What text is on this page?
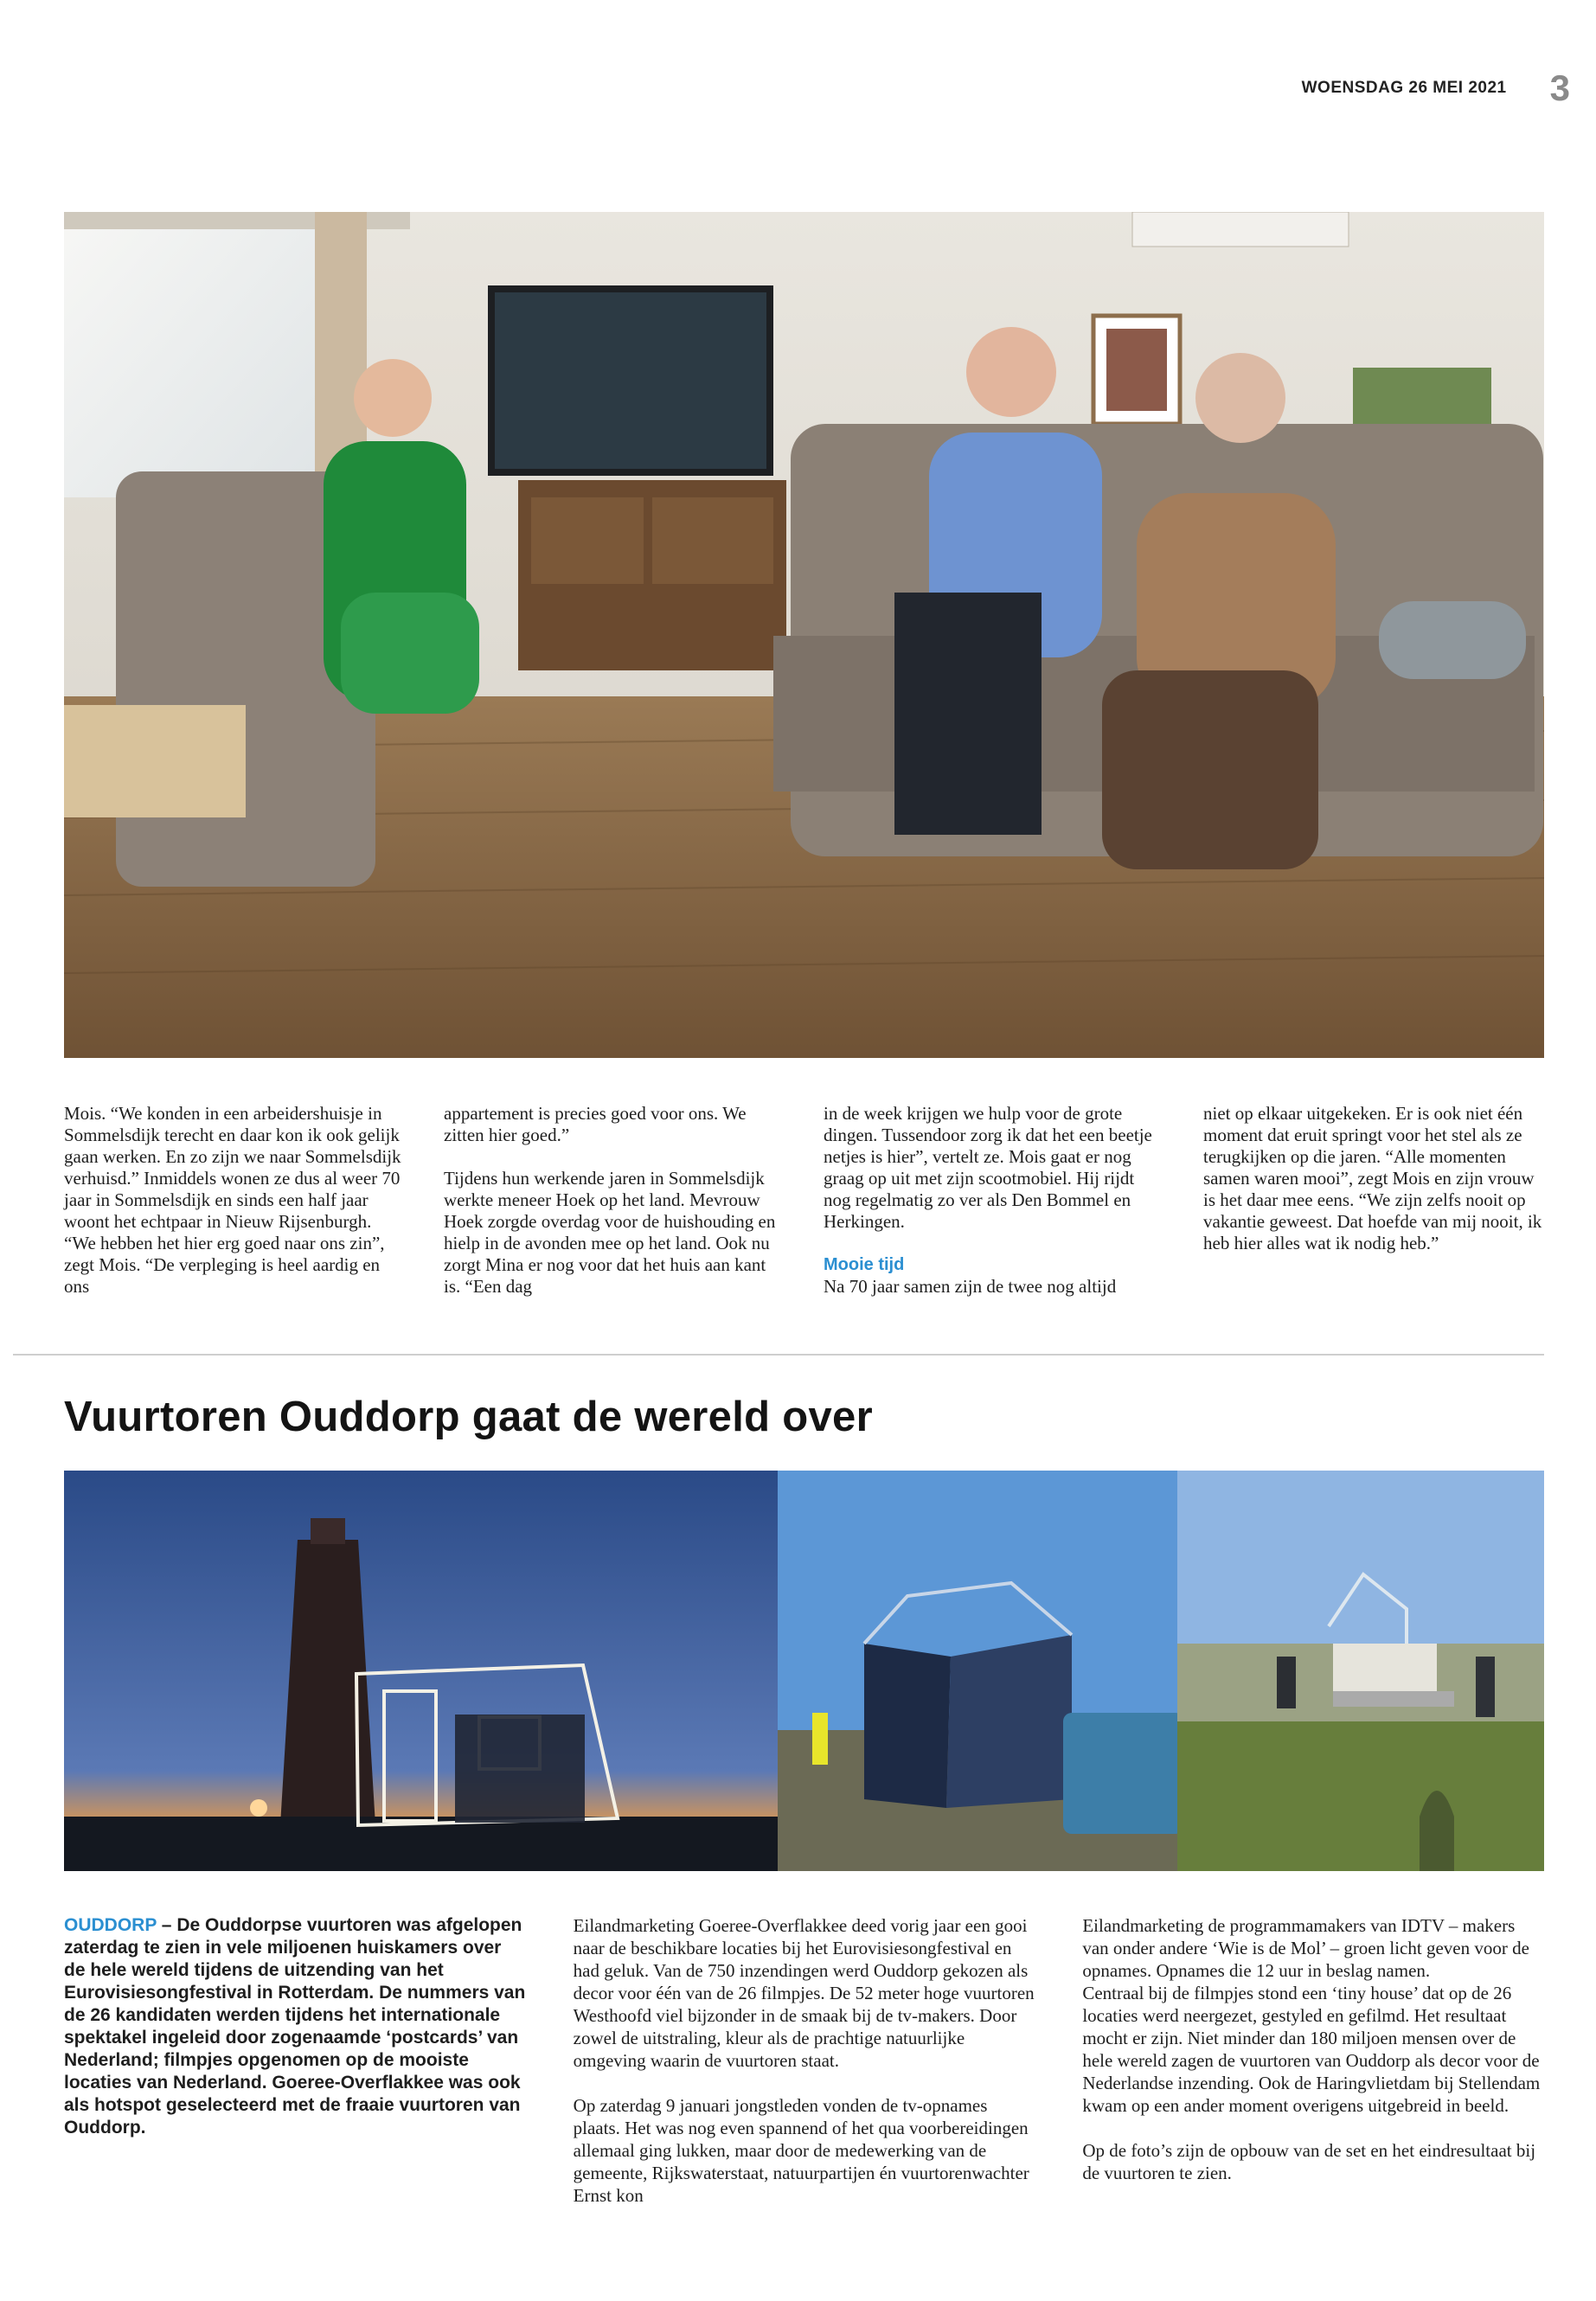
WOENSDAG 26 MEI 2021 3

Mois. “We konden in een arbeidershuisje in Sommelsdijk terecht en daar kon ik ook gelijk gaan werken. En zo zijn we naar Sommelsdijk verhuisd.” Inmiddels wonen ze dus al weer 70 jaar in Sommelsdijk en sinds een half jaar woont het echtpaar in Nieuw Rijsenburgh. “We hebben het hier erg goed naar ons zin”, zegt Mois. “De verpleging is heel aardig en ons

appartement is precies goed voor ons. We zitten hier goed.”

Tijdens hun werkende jaren in Sommelsdijk werkte meneer Hoek op het land. Mevrouw Hoek zorgde overdag voor de huishouding en hielp in de avonden mee op het land. Ook nu zorgt Mina er nog voor dat het huis aan kant is. “Een dag

in de week krijgen we hulp voor de grote dingen. Tussendoor zorg ik dat het een beetje netjes is hier”, vertelt ze. Mois gaat er nog graag op uit met zijn scootmobiel. Hij rijdt nog regelmatig zo ver als Den Bommel en Herkingen.

Mooie tijd

Na 70 jaar samen zijn de twee nog altijd

niet op elkaar uitgekeken. Er is ook niet één moment dat eruit springt voor het stel als ze terugkijken op die jaren. “Alle momenten samen waren mooi”, zegt Mois en zijn vrouw is het daar mee eens. “We zijn zelfs nooit op vakantie geweest. Dat hoefde van mij nooit, ik heb hier alles wat ik nodig heb.”

Vuurtoren Ouddorp gaat de wereld over

OUDDORP – De Ouddorpse vuurtoren was afgelopen zaterdag te zien in vele miljoenen huiskamers over de hele wereld tijdens de uitzending van het Eurovisiesongfestival in Rotterdam. De nummers van de 26 kandidaten werden tijdens het internationale spektakel ingeleid door zogenaamde ‘postcards’ van Nederland; filmpjes opgenomen op de mooiste locaties van Nederland. Goeree-Overflakkee was ook als hotspot geselecteerd met de fraaie vuurtoren van Ouddorp.

Eilandmarketing Goeree-Overflakkee deed vorig jaar een gooi naar de beschikbare locaties bij het Eurovisiesongfestival en had geluk. Van de 750 inzendingen werd Ouddorp gekozen als decor voor één van de 26 filmpjes. De 52 meter hoge vuurtoren Westhoofd viel bijzonder in de smaak bij de tv-makers. Door zowel de uitstraling, kleur als de prachtige natuurlijke omgeving waarin de vuurtoren staat.

Op zaterdag 9 januari jongstleden vonden de tv-opnames plaats. Het was nog even spannend of het qua voorbereidingen allemaal ging lukken, maar door de medewerking van de gemeente, Rijkswaterstaat, natuurpartijen én vuurtorenwachter Ernst kon

Eilandmarketing de programmamakers van IDTV – makers van onder andere ‘Wie is de Mol’ – groen licht geven voor de opnames. Opnames die 12 uur in beslag namen.

Centraal bij de filmpjes stond een ‘tiny house’ dat op de 26 locaties werd neergezet, gestyled en gefilmd. Het resultaat mocht er zijn. Niet minder dan 180 miljoen mensen over de hele wereld zagen de vuurtoren van Ouddorp als decor voor de Nederlandse inzending. Ook de Haringvlietdam bij Stellendam kwam op een ander moment overigens uitgebreid in beeld.

Op de foto’s zijn de opbouw van de set en het eindresultaat bij de vuurtoren te zien.
